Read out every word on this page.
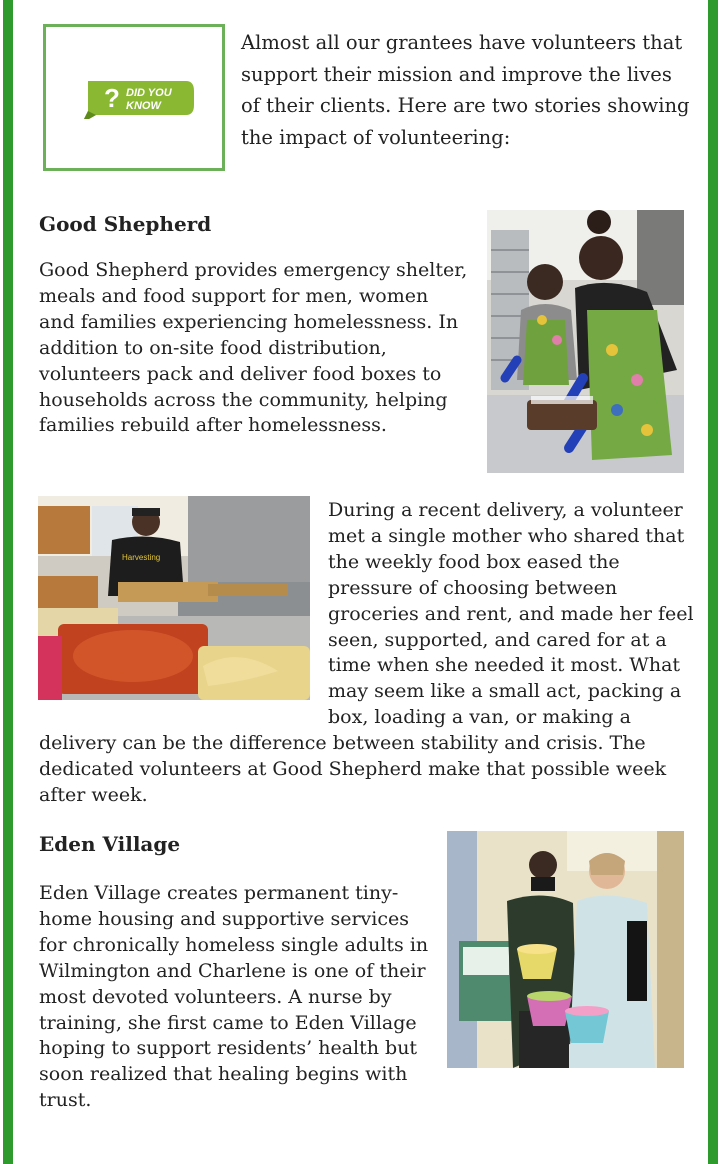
? DID YOU
KNOW

Almost all our grantees have volunteers that support their mission and improve the lives of their clients. Here are two stories showing the impact of volunteering:

Good Shepherd

Good Shepherd provides emergency shelter, meals and food support for men, women and families experiencing homelessness. In addition to on-site food distribution, volunteers pack and deliver food boxes to households across the community, helping families rebuild after homelessness.

Harvesting

During a recent delivery, a volunteer

met a single mother who shared that

the weekly food box eased the

pressure of choosing between

groceries and rent, and made her feel

seen, supported, and cared for at a

time when she needed it most. What

may seem like a small act, packing a

box, loading a van, or making a

delivery can be the difference between stability and crisis. The dedicated volunteers at Good Shepherd make that possible week after week.

Eden Village

Eden Village creates permanent tiny-home housing and supportive services for chronically homeless single adults in Wilmington and Charlene is one of their most devoted volunteers. A nurse by training, she first came to Eden Village hoping to support residents’ health but soon realized that healing begins with trust.
